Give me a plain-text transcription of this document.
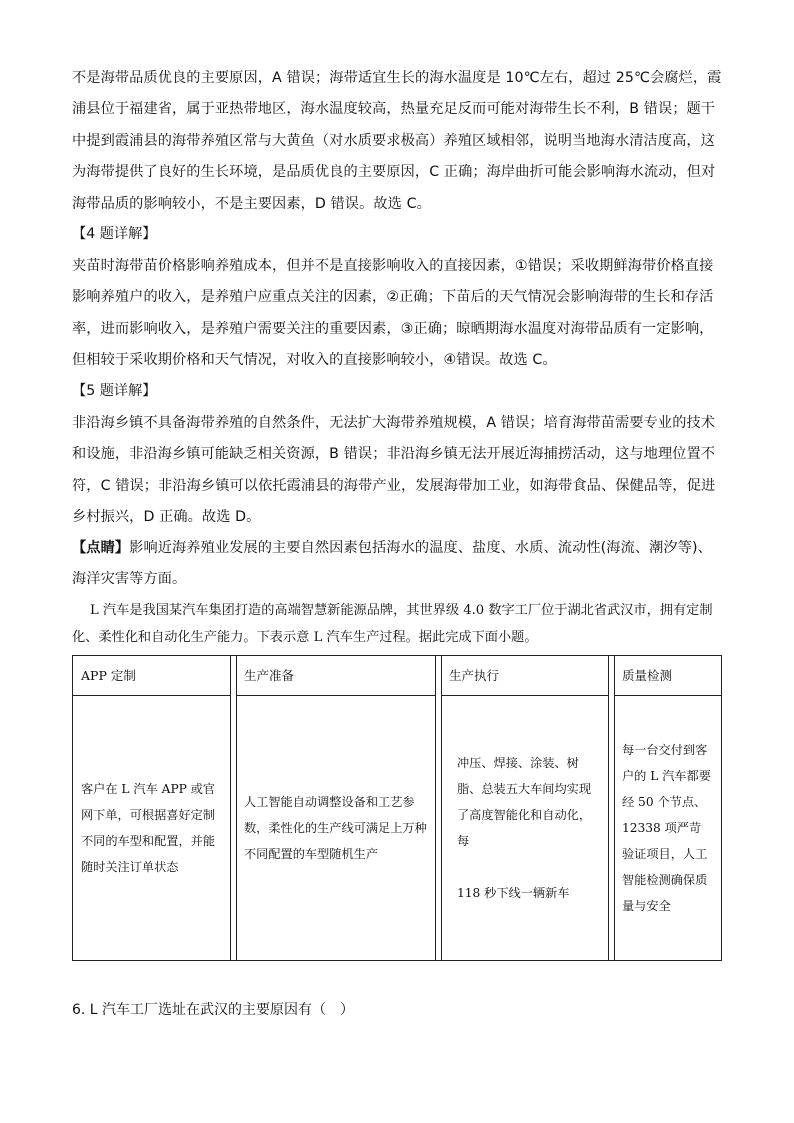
不是海带品质优良的主要原因，A 错误；海带适宜生长的海水温度是 10℃左右，超过 25℃会腐烂，霞浦县位于福建省，属于亚热带地区，海水温度较高，热量充足反而可能对海带生长不利，B 错误；题干中提到霞浦县的海带养殖区常与大黄鱼（对水质要求极高）养殖区域相邻，说明当地海水清洁度高，这为海带提供了良好的生长环境，是品质优良的主要原因，C 正确；海岸曲折可能会影响海水流动，但对海带品质的影响较小，不是主要因素，D 错误。故选 C。

【4 题详解】

夹苗时海带苗价格影响养殖成本，但并不是直接影响收入的直接因素，①错误；采收期鲜海带价格直接影响养殖户的收入，是养殖户应重点关注的因素，②正确；下苗后的天气情况会影响海带的生长和存活率，进而影响收入，是养殖户需要关注的重要因素，③正确；晾晒期海水温度对海带品质有一定影响，但相较于采收期价格和天气情况，对收入的直接影响较小，④错误。故选 C。

【5 题详解】

非沿海乡镇不具备海带养殖的自然条件，无法扩大海带养殖规模，A 错误；培育海带苗需要专业的技术和设施，非沿海乡镇可能缺乏相关资源，B 错误；非沿海乡镇无法开展近海捕捞活动，这与地理位置不符，C 错误；非沿海乡镇可以依托霞浦县的海带产业，发展海带加工业，如海带食品、保健品等，促进乡村振兴，D 正确。故选 D。

【点睛】影响近海养殖业发展的主要自然因素包括海水的温度、盐度、水质、流动性(海流、潮汐等)、海洋灾害等方面。

L 汽车是我国某汽车集团打造的高端智慧新能源品牌，其世界级 4.0 数字工厂位于湖北省武汉市，拥有定制化、柔性化和自动化生产能力。下表示意 L 汽车生产过程。据此完成下面小题。

APP 定制
客户在 L 汽车 APP 或官网下单，可根据喜好定制不同的车型和配置，并能随时关注订单状态
生产准备
人工智能自动调整设备和工艺参数，柔性化的生产线可满足上万种不同配置的车型随机生产
生产执行
冲压、焊接、涂装、树脂、总装五大车间均实现了高度智能化和自动化，每

118 秒下线一辆新车
质量检测
每一台交付到客户的 L 汽车都要经 50 个节点、12338 项严苛验证项目，人工智能检测确保质量与安全

6. L 汽车工厂选址在武汉的主要原因有（　）
